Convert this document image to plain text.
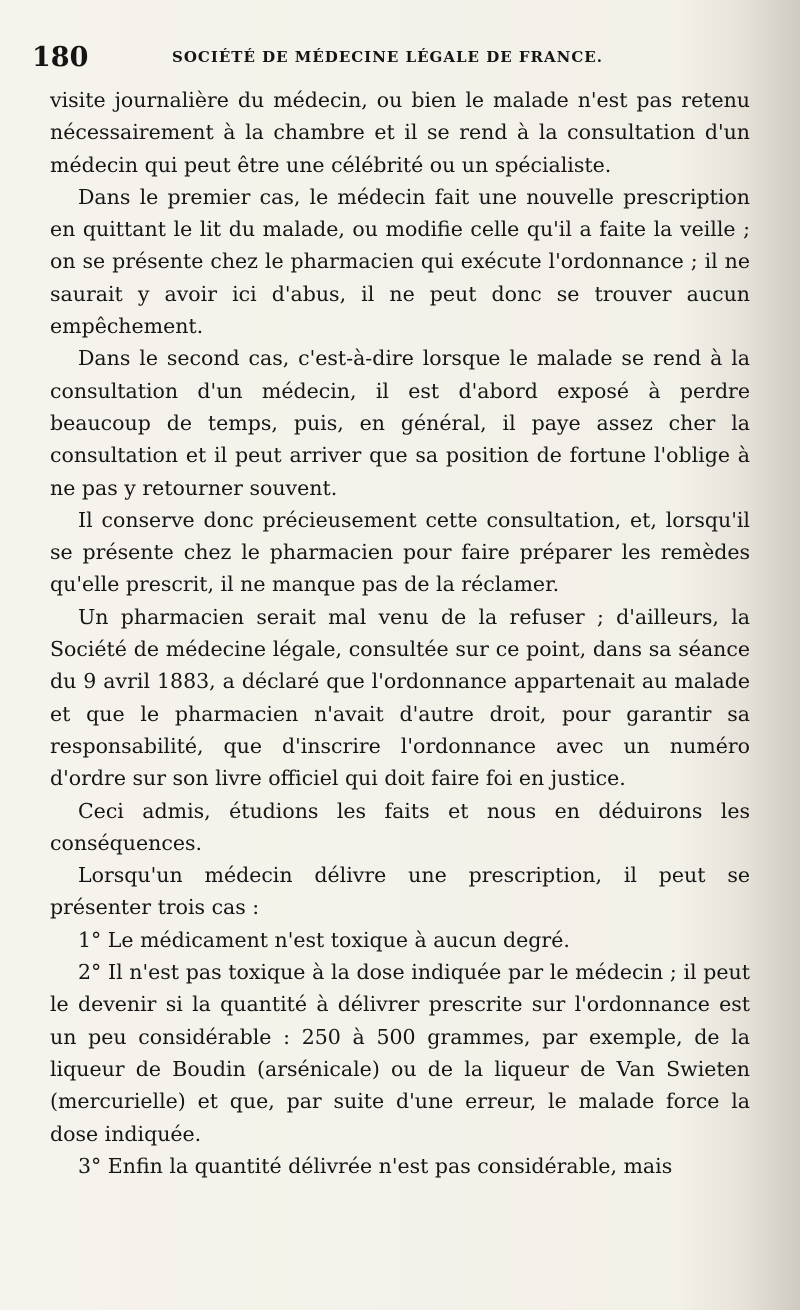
180	SOCIÉTÉ DE MÉDECINE LÉGALE DE FRANCE.

visite journalière du médecin, ou bien le malade n'est pas retenu nécessairement à la chambre et il se rend à la consultation d'un médecin qui peut être une célébrité ou un spécialiste.

Dans le premier cas, le médecin fait une nouvelle prescription en quittant le lit du malade, ou modifie celle qu'il a faite la veille ; on se présente chez le pharmacien qui exécute l'ordonnance ; il ne saurait y avoir ici d'abus, il ne peut donc se trouver aucun empêchement.

Dans le second cas, c'est-à-dire lorsque le malade se rend à la consultation d'un médecin, il est d'abord exposé à perdre beaucoup de temps, puis, en général, il paye assez cher la consultation et il peut arriver que sa position de fortune l'oblige à ne pas y retourner souvent.

Il conserve donc précieusement cette consultation, et, lorsqu'il se présente chez le pharmacien pour faire préparer les remèdes qu'elle prescrit, il ne manque pas de la réclamer.

Un pharmacien serait mal venu de la refuser ; d'ailleurs, la Société de médecine légale, consultée sur ce point, dans sa séance du 9 avril 1883, a déclaré que l'ordonnance appartenait au malade et que le pharmacien n'avait d'autre droit, pour garantir sa responsabilité, que d'inscrire l'ordonnance avec un numéro d'ordre sur son livre officiel qui doit faire foi en justice.

Ceci admis, étudions les faits et nous en déduirons les conséquences.

Lorsqu'un médecin délivre une prescription, il peut se présenter trois cas :

1° Le médicament n'est toxique à aucun degré.

2° Il n'est pas toxique à la dose indiquée par le médecin ; il peut le devenir si la quantité à délivrer prescrite sur l'ordonnance est un peu considérable : 250 à 500 grammes, par exemple, de la liqueur de Boudin (arsénicale) ou de la liqueur de Van Swieten (mercurielle) et que, par suite d'une erreur, le malade force la dose indiquée.

3° Enfin la quantité délivrée n'est pas considérable, mais
